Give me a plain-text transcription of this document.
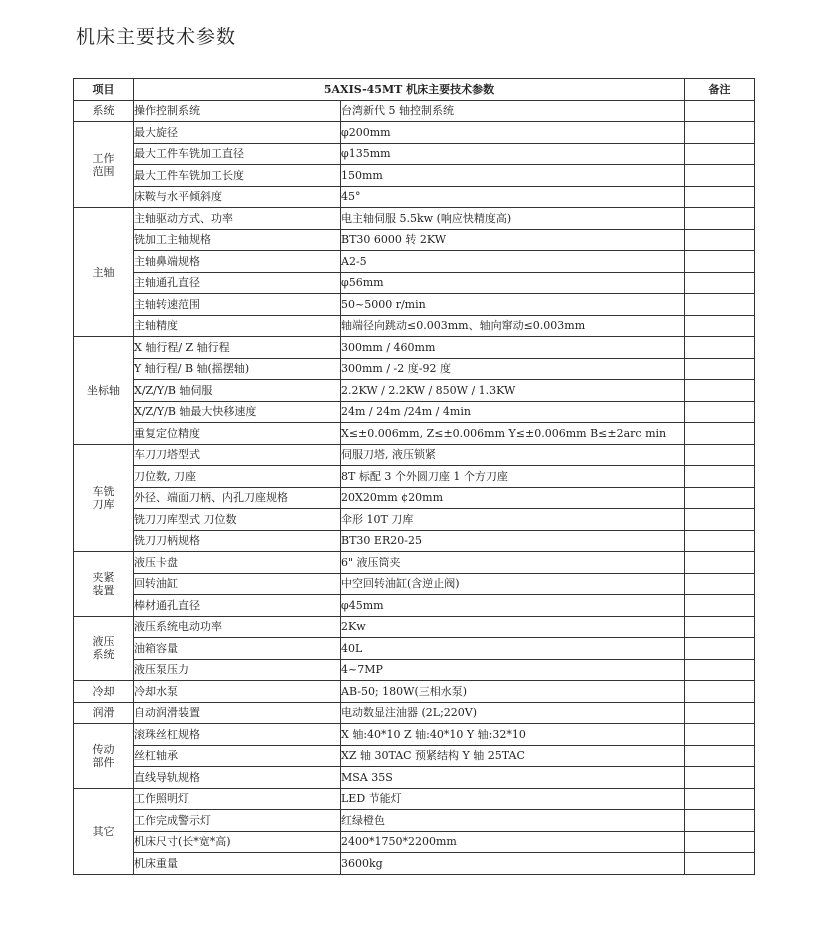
机床主要技术参数
项目	5AXIS-45MT 机床主要技术参数		备注

系统	操作控制系统	台湾新代 5 轴控制系统	

工作
范围	最大旋径	φ200mm	
	最大工件车铣加工直径	φ135mm	
	最大工件车铣加工长度	150mm	
	床鞍与水平倾斜度	45°	

主轴	主轴驱动方式、功率	电主轴伺服 5.5kw (响应快精度高)	
	铣加工主轴规格	BT30 6000 转 2KW	
	主轴鼻端规格	A2-5	
	主轴通孔直径	φ56mm	
	主轴转速范围	50~5000 r/min	
	主轴精度	轴端径向跳动≤0.003mm、轴向窜动≤0.003mm	

坐标轴	X 轴行程/ Z 轴行程	300mm / 460mm	
	Y 轴行程/ B 轴(摇摆轴)	300mm / -2 度-92 度	
	X/Z/Y/B 轴伺服	2.2KW / 2.2KW / 850W / 1.3KW	
	X/Z/Y/B 轴最大快移速度	24m / 24m /24m / 4min	
	重复定位精度	X≤±0.006mm, Z≤±0.006mm Y≤±0.006mm B≤±2arc min	

车铣
刀库	车刀刀塔型式	伺服刀塔, 液压锁紧	
	刀位数, 刀座	8T 标配 3 个外圆刀座 1 个方刀座	
	外径、端面刀柄、内孔刀座规格	20X20mm ¢20mm	
	铣刀刀库型式 刀位数	伞形 10T 刀库	
	铣刀刀柄规格	BT30 ER20-25	

夹紧
装置	液压卡盘	6" 液压筒夹	
	回转油缸	中空回转油缸(含逆止阀)	
	棒材通孔直径	φ45mm	

液压
系统	液压系统电动功率	2Kw	
	油箱容量	40L	
	液压泵压力	4~7MP	

冷却	冷却水泵	AB-50; 180W(三相水泵)	

润滑	自动润滑装置	电动数显注油器 (2L;220V)	

传动
部件	滚珠丝杠规格	X 轴:40*10 Z 轴:40*10 Y 轴:32*10	
	丝杠轴承	XZ 轴 30TAC 预紧结构 Y 轴 25TAC	
	直线导轨规格	MSA 35S	

其它	工作照明灯	LED 节能灯	
	工作完成警示灯	红绿橙色	
	机床尺寸(长*宽*高)	2400*1750*2200mm	
	机床重量	3600kg	
